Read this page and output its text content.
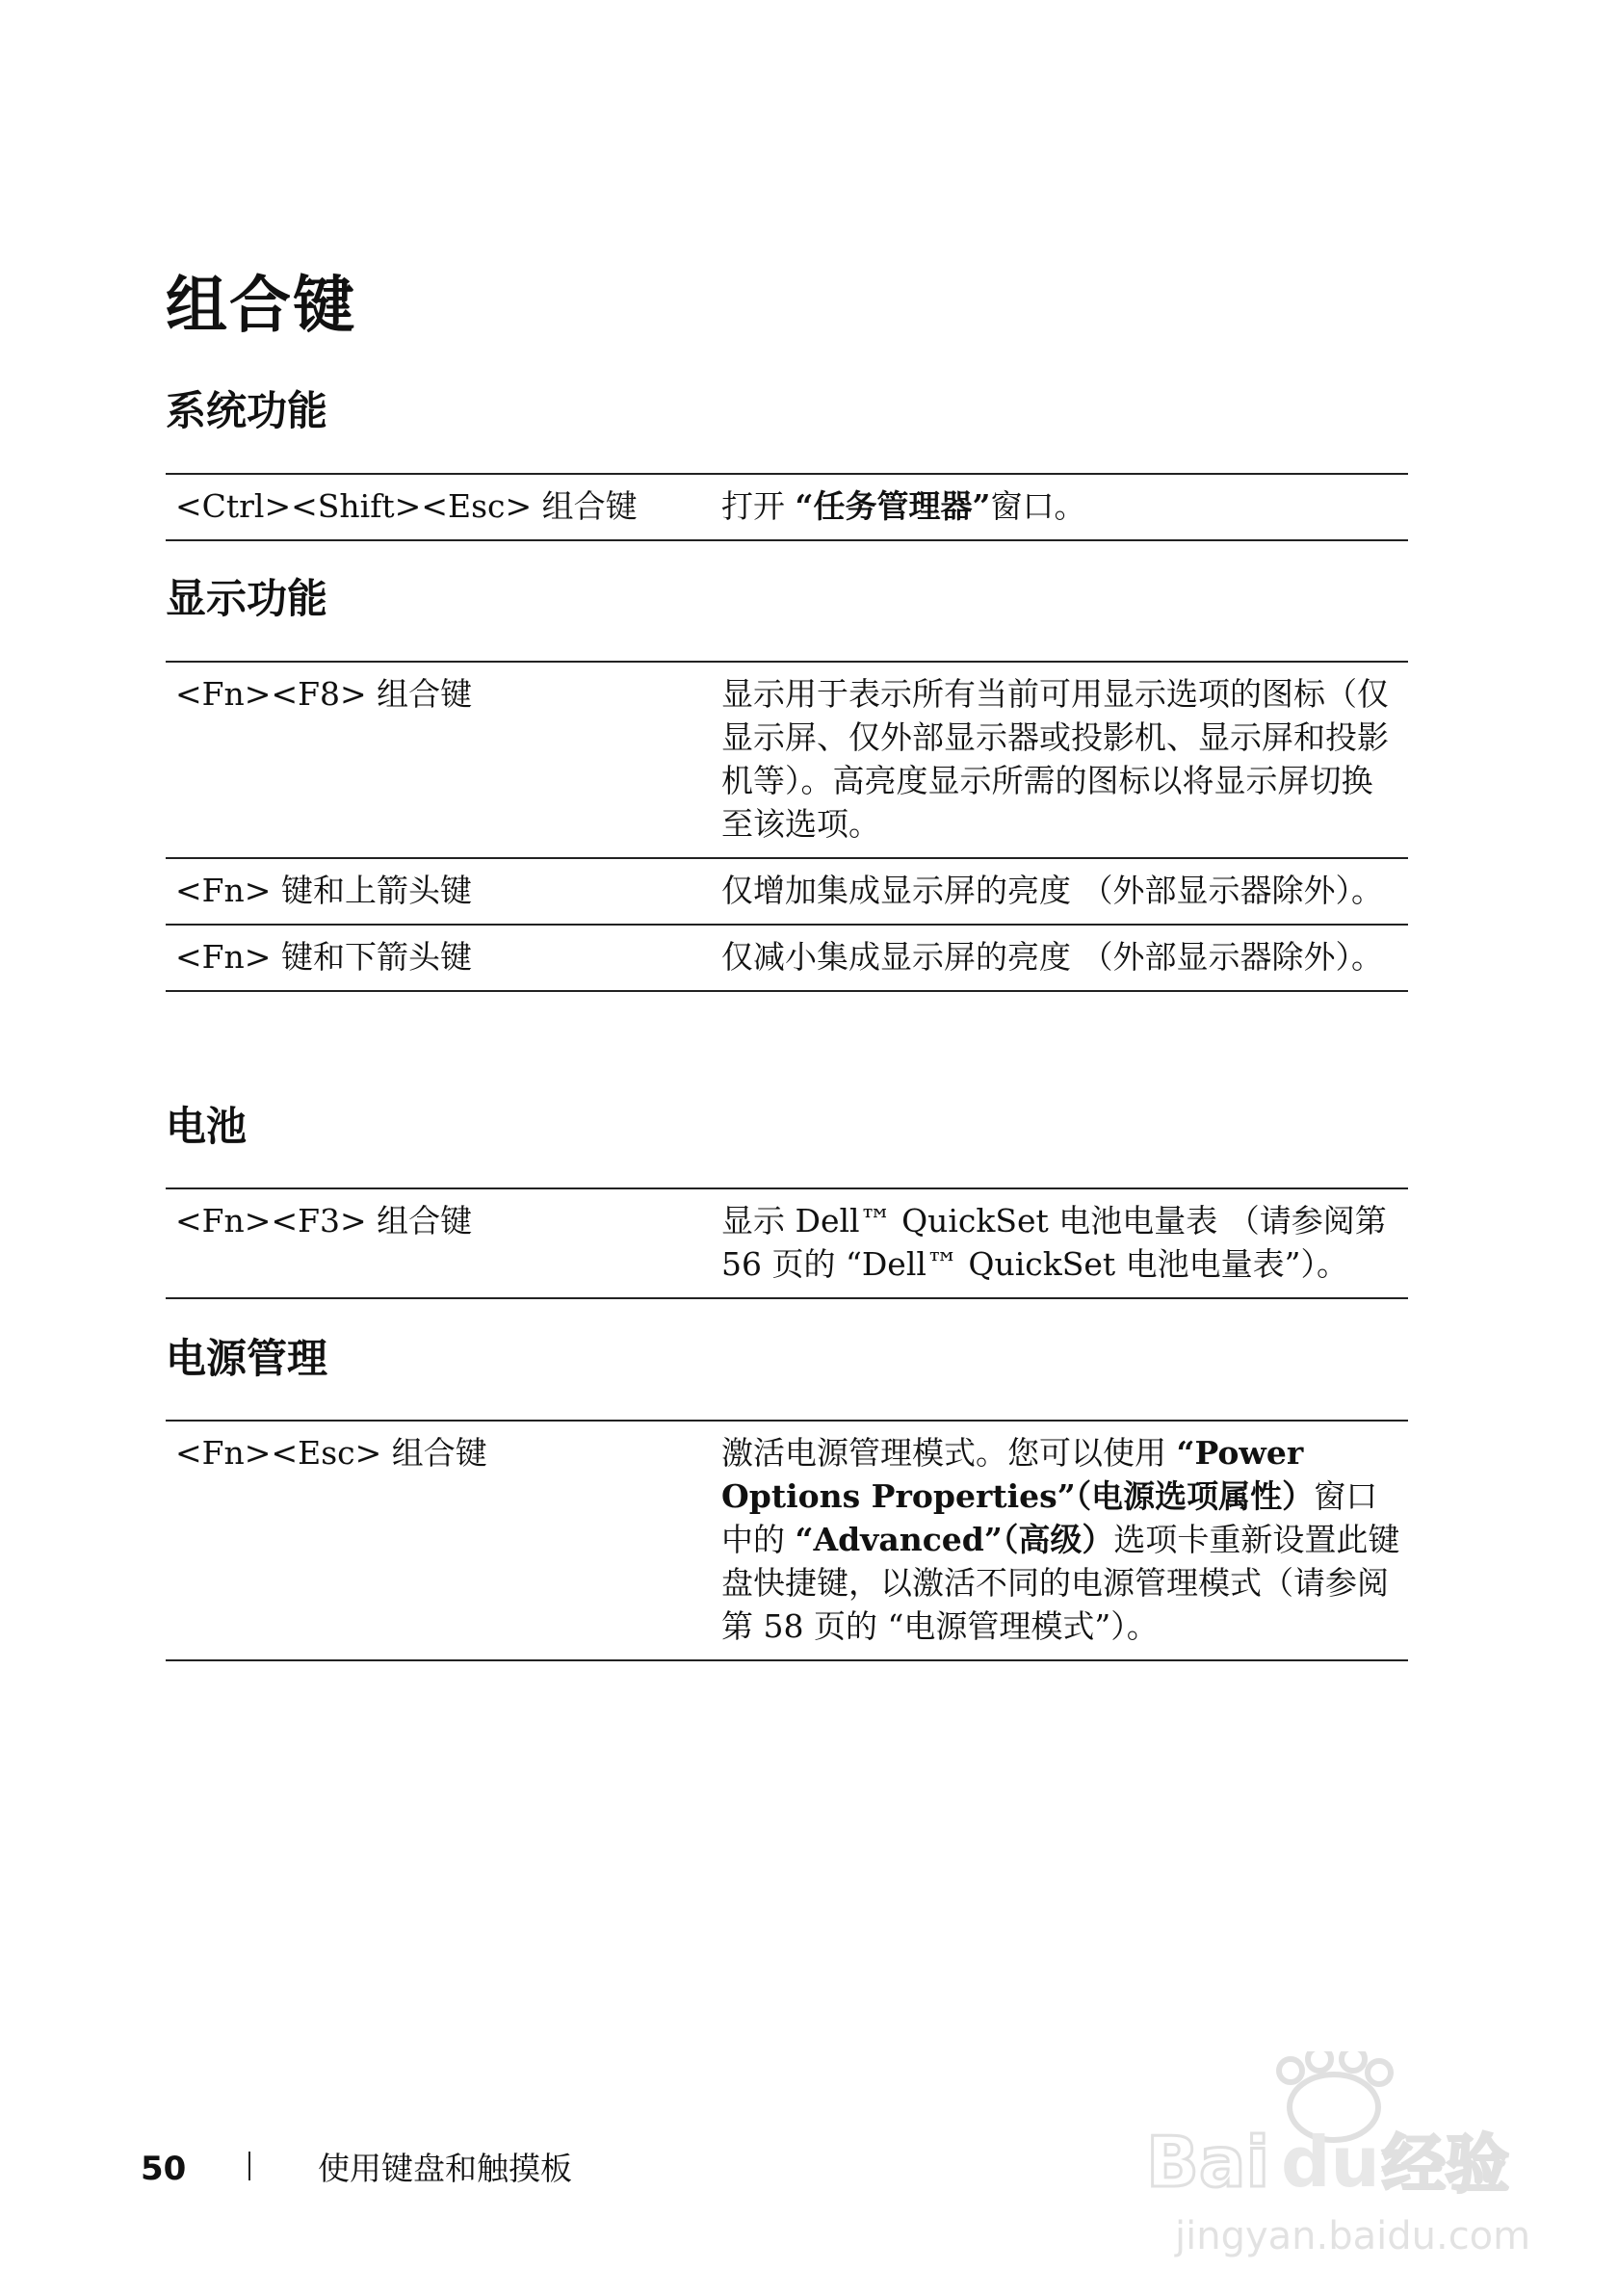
组合键
系统功能
<Ctrl><Shift><Esc> 组合键	打开 “任务管理器”窗口。
显示功能
<Fn><F8> 组合键	显示用于表示所有当前可用显示选项的图标（仅显示屏、仅外部显示器或投影机、显示屏和投影机等）。高亮度显示所需的图标以将显示屏切换至该选项。
<Fn> 键和上箭头键	仅增加集成显示屏的亮度 （外部显示器除外）。
<Fn> 键和下箭头键	仅减小集成显示屏的亮度 （外部显示器除外）。
电池
<Fn><F3> 组合键	显示 Dell™ QuickSet 电池电量表 （请参阅第 56 页的 “Dell™ QuickSet 电池电量表”）。
电源管理
<Fn><Esc> 组合键	激活电源管理模式。您可以使用 “Power Options Properties”（电源选项属性）窗口中的 “Advanced”（高级）选项卡重新设置此键盘快捷键，以激活不同的电源管理模式（请参阅第 58 页的 “电源管理模式”）。
50	使用键盘和触摸板	Bai du 经验
jingyan.baidu.com
